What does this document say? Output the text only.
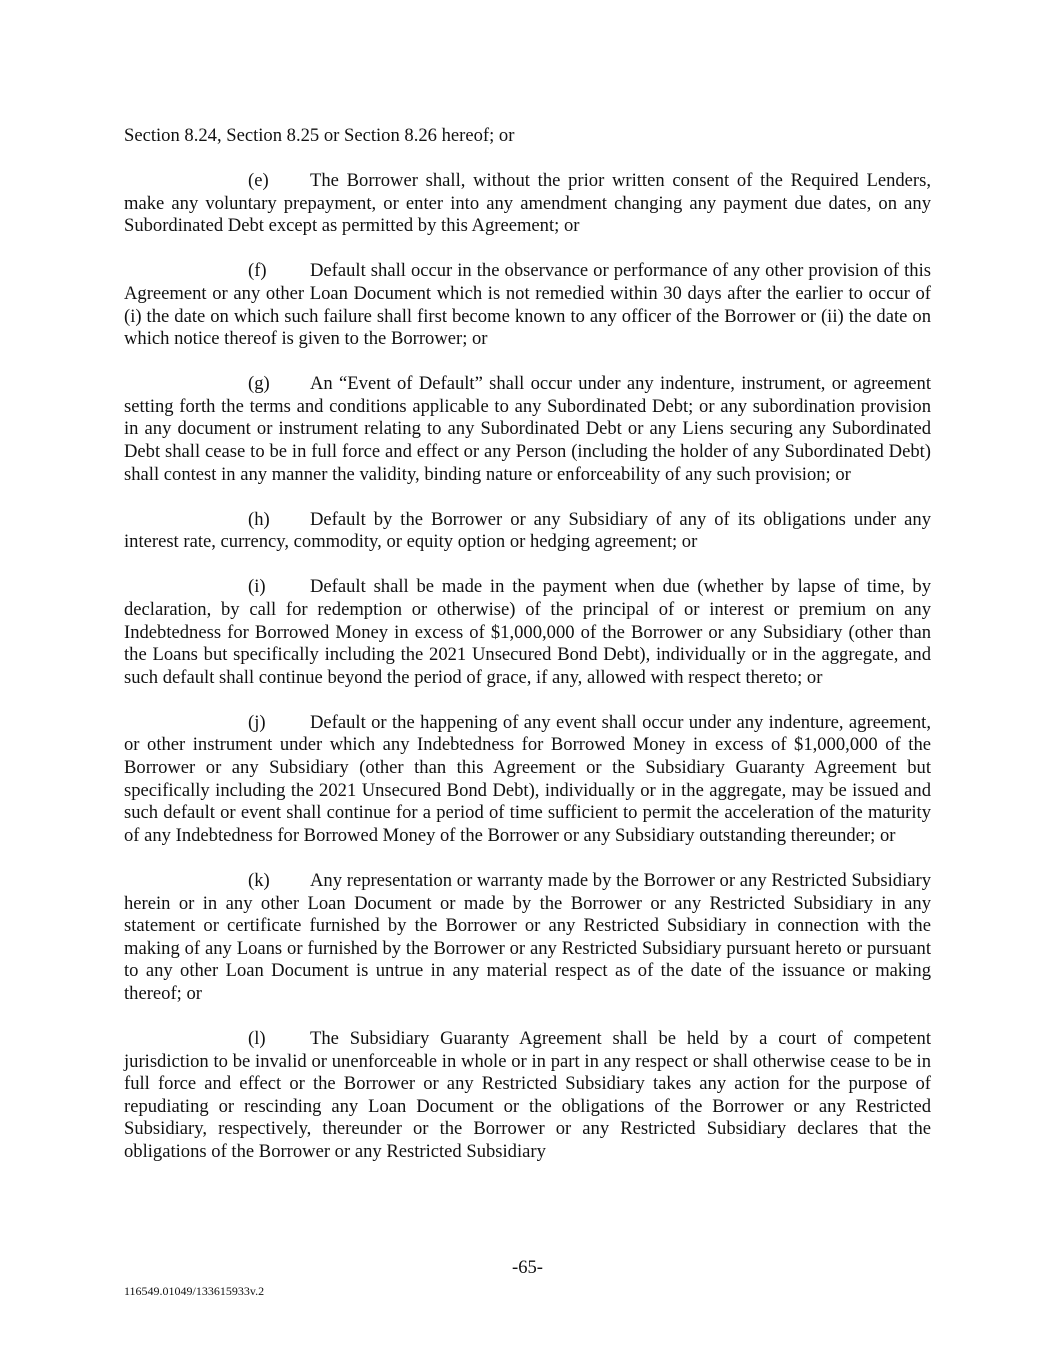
Section 8.24, Section 8.25 or Section 8.26 hereof; or

(e) The Borrower shall, without the prior written consent of the Required Lenders, make any voluntary prepayment, or enter into any amendment changing any payment due dates, on any Subordinated Debt except as permitted by this Agreement; or

(f) Default shall occur in the observance or performance of any other provision of this Agreement or any other Loan Document which is not remedied within 30 days after the earlier to occur of (i) the date on which such failure shall first become known to any officer of the Borrower or (ii) the date on which notice thereof is given to the Borrower; or

(g) An “Event of Default” shall occur under any indenture, instrument, or agreement setting forth the terms and conditions applicable to any Subordinated Debt; or any subordination provision in any document or instrument relating to any Subordinated Debt or any Liens securing any Subordinated Debt shall cease to be in full force and effect or any Person (including the holder of any Subordinated Debt) shall contest in any manner the validity, binding nature or enforceability of any such provision; or

(h) Default by the Borrower or any Subsidiary of any of its obligations under any interest rate, currency, commodity, or equity option or hedging agreement; or

(i) Default shall be made in the payment when due (whether by lapse of time, by declaration, by call for redemption or otherwise) of the principal of or interest or premium on any Indebtedness for Borrowed Money in excess of $1,000,000 of the Borrower or any Subsidiary (other than the Loans but specifically including the 2021 Unsecured Bond Debt), individually or in the aggregate, and such default shall continue beyond the period of grace, if any, allowed with respect thereto; or

(j) Default or the happening of any event shall occur under any indenture, agreement, or other instrument under which any Indebtedness for Borrowed Money in excess of $1,000,000 of the Borrower or any Subsidiary (other than this Agreement or the Subsidiary Guaranty Agreement but specifically including the 2021 Unsecured Bond Debt), individually or in the aggregate, may be issued and such default or event shall continue for a period of time sufficient to permit the acceleration of the maturity of any Indebtedness for Borrowed Money of the Borrower or any Subsidiary outstanding thereunder; or

(k) Any representation or warranty made by the Borrower or any Restricted Subsidiary herein or in any other Loan Document or made by the Borrower or any Restricted Subsidiary in any statement or certificate furnished by the Borrower or any Restricted Subsidiary in connection with the making of any Loans or furnished by the Borrower or any Restricted Subsidiary pursuant hereto or pursuant to any other Loan Document is untrue in any material respect as of the date of the issuance or making thereof; or

(l) The Subsidiary Guaranty Agreement shall be held by a court of competent jurisdiction to be invalid or unenforceable in whole or in part in any respect or shall otherwise cease to be in full force and effect or the Borrower or any Restricted Subsidiary takes any action for the purpose of repudiating or rescinding any Loan Document or the obligations of the Borrower or any Restricted Subsidiary, respectively, thereunder or the Borrower or any Restricted Subsidiary declares that the obligations of the Borrower or any Restricted Subsidiary

-65-
116549.01049/133615933v.2
